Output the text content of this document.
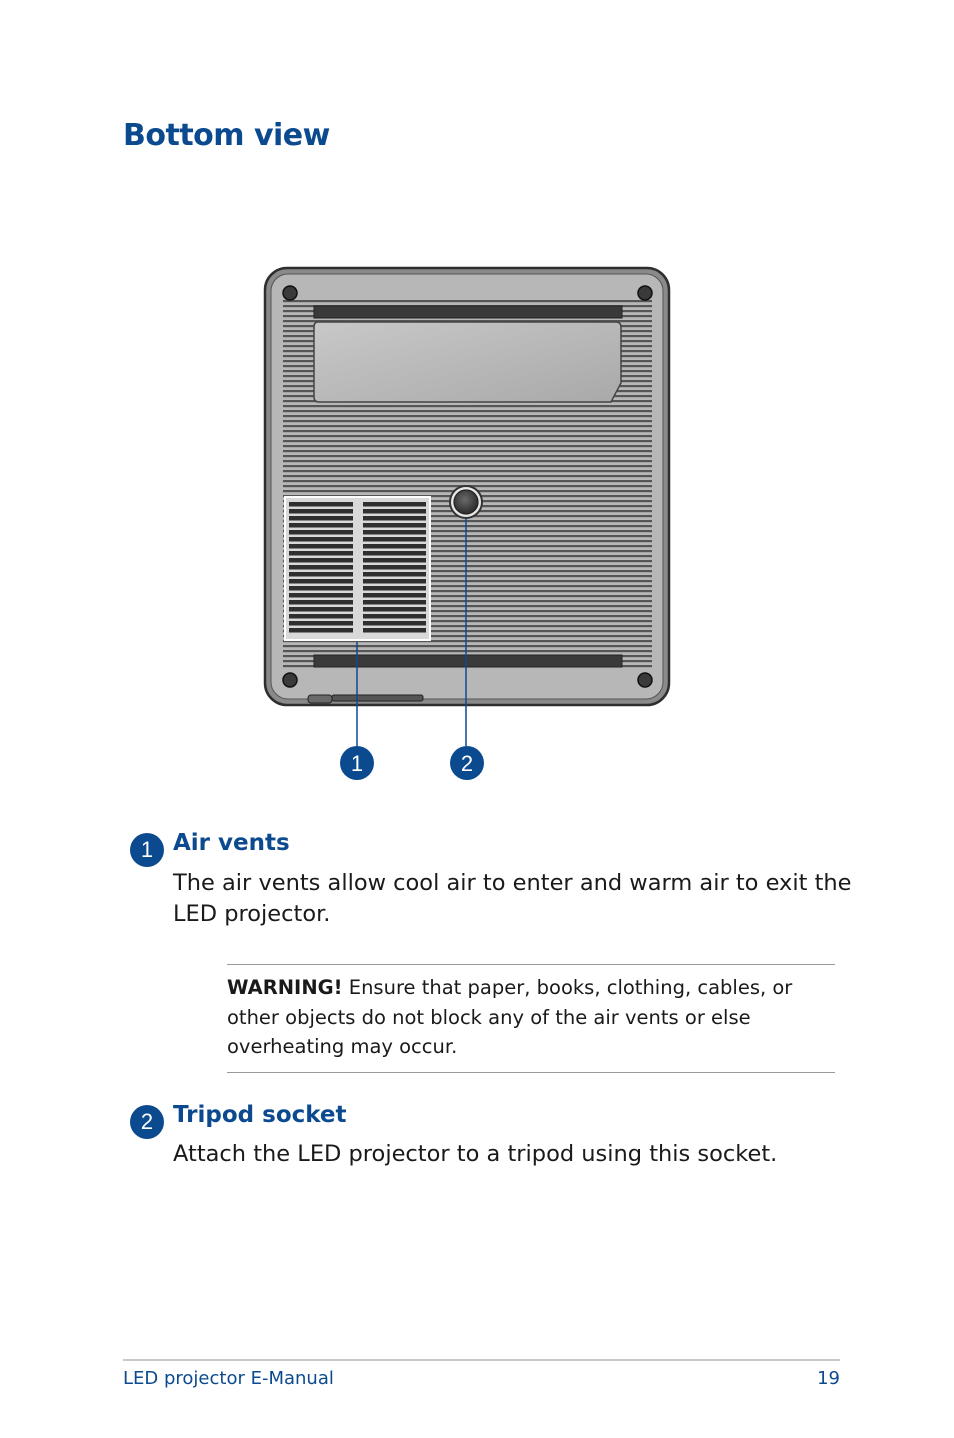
Bottom view
1	2
1 Air vents
The air vents allow cool air to enter and warm air to exit the LED projector.
WARNING! Ensure that paper, books, clothing, cables, or other objects do not block any of the air vents or else overheating may occur.
2 Tripod socket
Attach the LED projector to a tripod using this socket.
LED projector E-Manual	19
